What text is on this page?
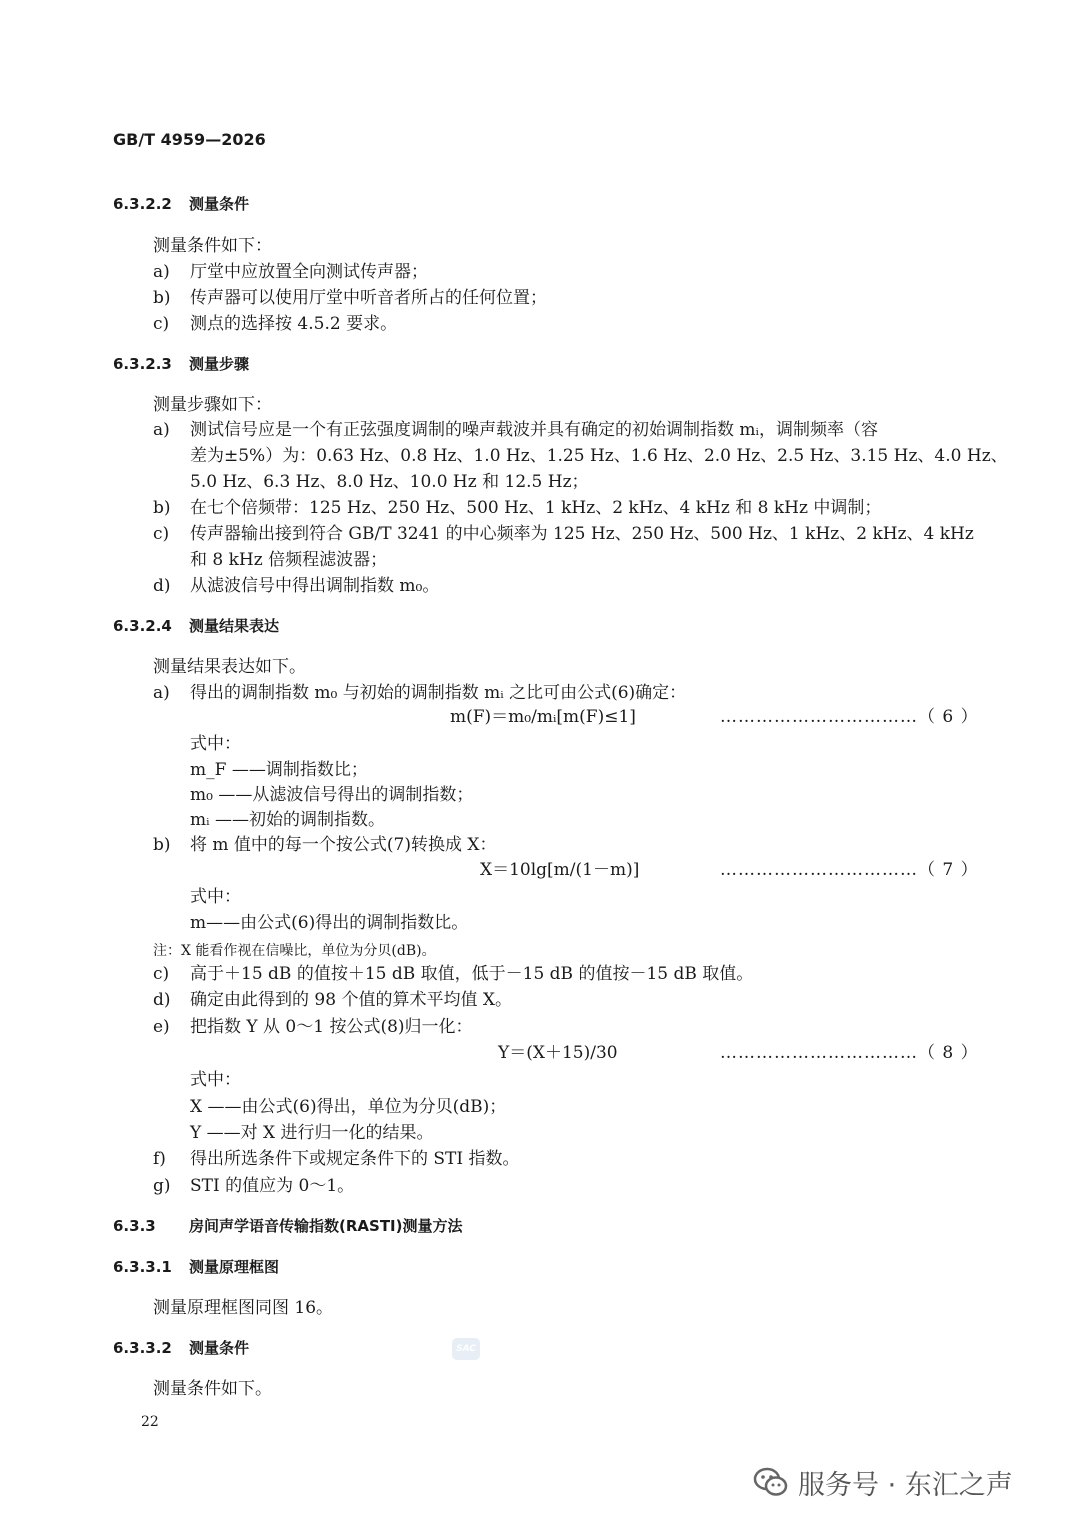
GB/T 4959—2026
6.3.2.2 测量条件
测量条件如下：
a) 厅堂中应放置全向测试传声器；
b) 传声器可以使用厅堂中听音者所占的任何位置；
c) 测点的选择按 4.5.2 要求。
6.3.2.3 测量步骤
测量步骤如下：
a) 测试信号应是一个有正弦强度调制的噪声载波并具有确定的初始调制指数 mᵢ，调制频率（容
差为±5%）为：0.63 Hz、0.8 Hz、1.0 Hz、1.25 Hz、1.6 Hz、2.0 Hz、2.5 Hz、3.15 Hz、4.0 Hz、
5.0 Hz、6.3 Hz、8.0 Hz、10.0 Hz 和 12.5 Hz；
b) 在七个倍频带：125 Hz、250 Hz、500 Hz、1 kHz、2 kHz、4 kHz 和 8 kHz 中调制；
c) 传声器输出接到符合 GB/T 3241 的中心频率为 125 Hz、250 Hz、500 Hz、1 kHz、2 kHz、4 kHz
和 8 kHz 倍频程滤波器；
d) 从滤波信号中得出调制指数 m₀。
6.3.2.4 测量结果表达
测量结果表达如下。
a) 得出的调制指数 m₀ 与初始的调制指数 mᵢ 之比可由公式(6)确定：
m(F)＝m₀/mᵢ[m(F)≤1]	……………………………（ 6 ）
式中：
m_F ——调制指数比；
m₀ ——从滤波信号得出的调制指数；
mᵢ ——初始的调制指数。
b) 将 m 值中的每一个按公式(7)转换成 X：
X＝10lg[m/(1－m)]	……………………………（ 7 ）
式中：
m——由公式(6)得出的调制指数比。
注：X 能看作视在信噪比，单位为分贝(dB)。
c) 高于＋15 dB 的值按＋15 dB 取值，低于－15 dB 的值按－15 dB 取值。
d) 确定由此得到的 98 个值的算术平均值 X。
e) 把指数 Y 从 0～1 按公式(8)归一化：
Y＝(X＋15)/30	……………………………（ 8 ）
式中：
X ——由公式(6)得出，单位为分贝(dB)；
Y ——对 X 进行归一化的结果。
f) 得出所选条件下或规定条件下的 STI 指数。
g) STI 的值应为 0～1。
6.3.3 房间声学语音传输指数(RASTI)测量方法
6.3.3.1 测量原理框图
测量原理框图同图 16。
6.3.3.2 测量条件
测量条件如下。
SAC
22
服务号 · 东汇之声
